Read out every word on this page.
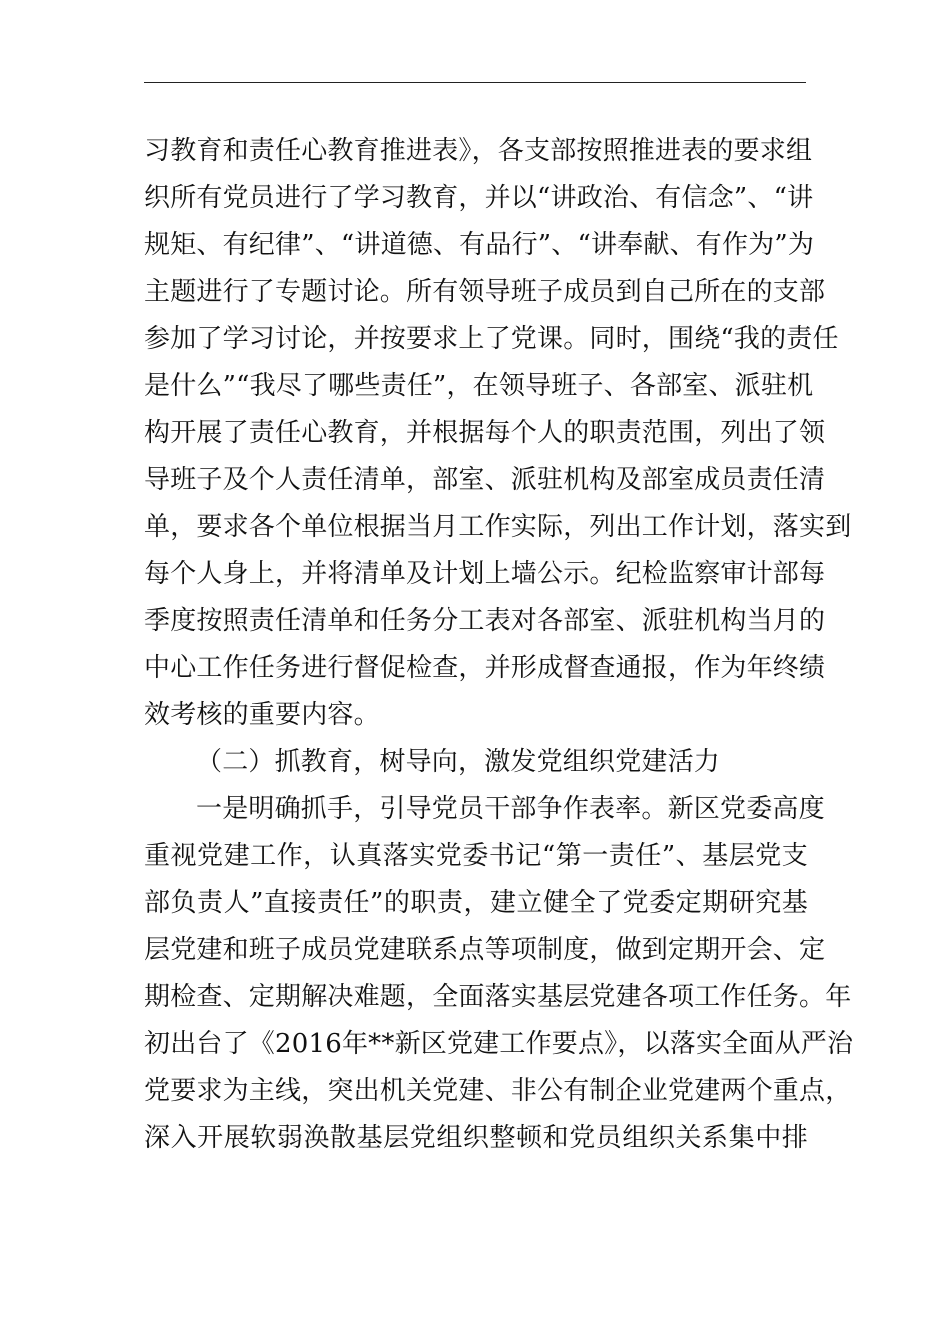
习教育和责任心教育推进表》，各支部按照推进表的要求组
织所有党员进行了学习教育，并以“讲政治、有信念”、“讲
规矩、有纪律”、“讲道德、有品行”、“讲奉献、有作为”为
主题进行了专题讨论。所有领导班子成员到自己所在的支部
参加了学习讨论，并按要求上了党课。同时，围绕“我的责任
是什么”“我尽了哪些责任”，在领导班子、各部室、派驻机
构开展了责任心教育，并根据每个人的职责范围，列出了领
导班子及个人责任清单，部室、派驻机构及部室成员责任清
单，要求各个单位根据当月工作实际，列出工作计划，落实到
每个人身上，并将清单及计划上墙公示。纪检监察审计部每
季度按照责任清单和任务分工表对各部室、派驻机构当月的
中心工作任务进行督促检查，并形成督查通报，作为年终绩
效考核的重要内容。
（二）抓教育，树导向，激发党组织党建活力
一是明确抓手，引导党员干部争作表率。新区党委高度
重视党建工作，认真落实党委书记“第一责任”、基层党支
部负责人”直接责任”的职责，建立健全了党委定期研究基
层党建和班子成员党建联系点等项制度，做到定期开会、定
期检查、定期解决难题，全面落实基层党建各项工作任务。年
初出台了《2016年**新区党建工作要点》，以落实全面从严治
党要求为主线，突出机关党建、非公有制企业党建两个重点，
深入开展软弱涣散基层党组织整顿和党员组织关系集中排
